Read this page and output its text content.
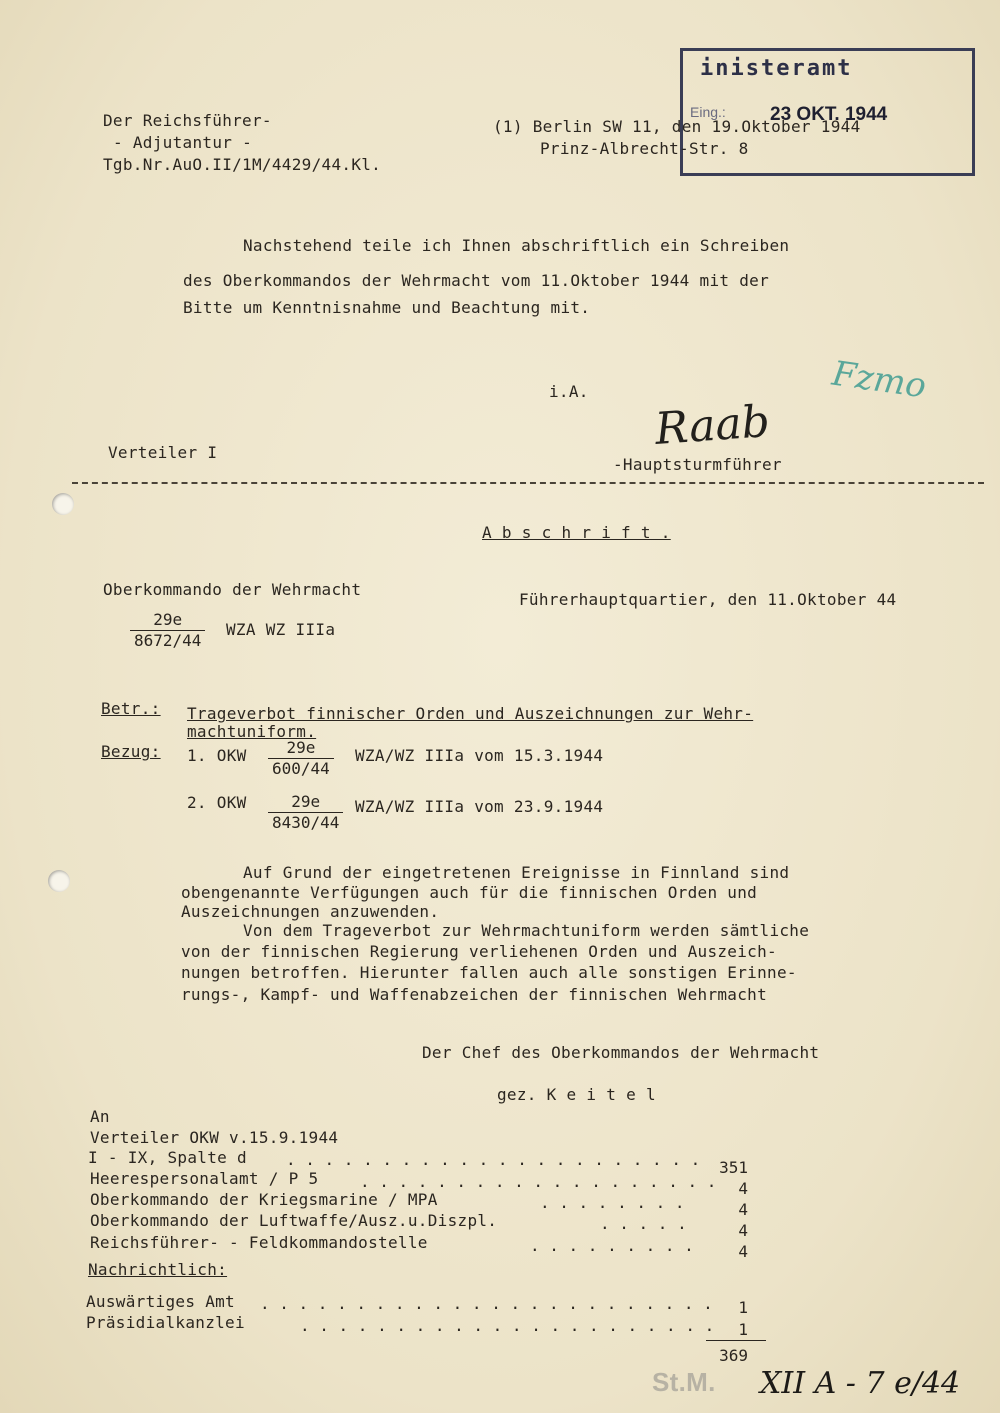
inisteramt
Eing.: 23 OKT. 1944
Der Reichsführer-
- Adjutantur -
Tgb.Nr.AuO.II/1M/4429/44.Kl.
(1) Berlin SW 11, den 19.Oktober 1944
Prinz-Albrecht-Str. 8
Nachstehend teile ich Ihnen abschriftlich ein Schreiben
des Oberkommandos der Wehrmacht vom 11.Oktober 1944 mit der
Bitte um Kenntnisnahme und Beachtung mit.
i.A.
Raab
Fzmo
Verteiler I
-Hauptsturmführer
A b s c h r i f t .
Oberkommando der Wehrmacht
Führerhauptquartier, den 11.Oktober 44
$\frac{29e}{8672/44}$ WZA WZ IIIa
Betr.: Trageverbot finnischer Orden und Auszeichnungen zur Wehr-
machtuniform.
Bezug: 1. OKW $\frac{29e}{600/44} WZA/WZ$ IIIa vom 15.3.1944
2. OKW $\frac{29e}{8430/44} WZA/WZ$ IIIa vom 23.9.1944
Auf Grund der eingetretenen Ereignisse in Finnland sind
obengenannte Verfügungen auch für die finnischen Orden und
Auszeichnungen anzuwenden.
Von dem Trageverbot zur Wehrmachtuniform werden sämtliche
von der finnischen Regierung verliehenen Orden und Auszeich-
nungen betroffen. Hierunter fallen auch alle sonstigen Erinne-
rungs-, Kampf- und Waffenabzeichen der finnischen Wehrmacht
Der Chef des Oberkommandos der Wehrmacht
gez. K e i t e l
An
Verteiler OKW v.15.9.1944
I - IX, Spalte d . . . . . . . . . . . . . . . . . . . . . .	351
Heerespersonalamt / P 5	. . . . . . . . . . . . . . . . . . .	4
Oberkommando der Kriegsmarine / MPA	. . . . . . . .	4
Oberkommando der Luftwaffe/Ausz.u.Diszpl.	. . . . .	4
Reichsführer- - Feldkommandostelle	. . . . . . . . .	4
Nachrichtlich:
Auswärtiges Amt . . . . . . . . . . . . . . . . . . . . . . . .	1
Präsidialkanzlei	. . . . . . . . . . . . . . . . . . . . . .	1
369
St.M. XII A - 7 e/44
